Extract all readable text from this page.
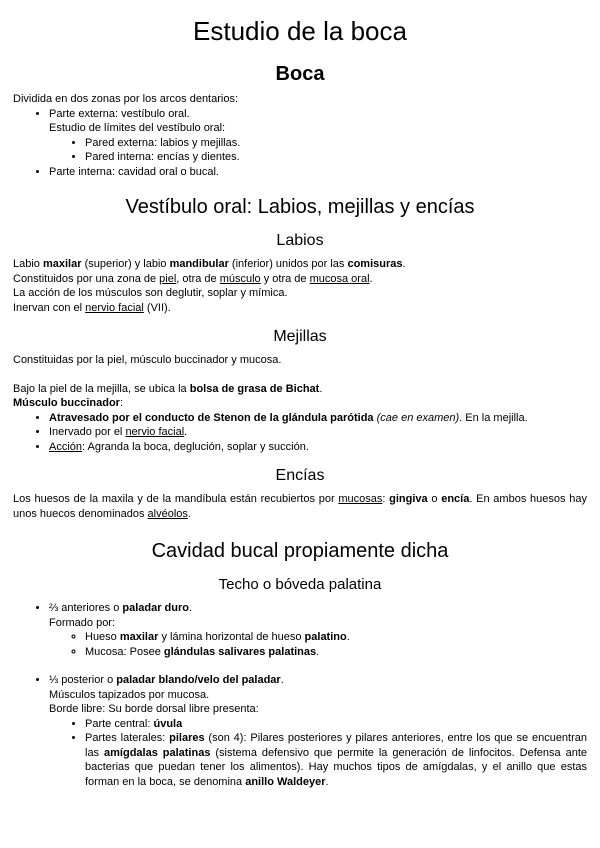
Estudio de la boca
Boca

Dividida en dos zonas por los arcos dentarios:

• Parte externa: vestíbulo oral.
Estudio de límites del vestíbulo oral:
• Pared externa: labios y mejillas.
• Pared interna: encías y dientes.
• Parte interna: cavidad oral o bucal.
Vestíbulo oral: Labios, mejillas y encías
Labios

Labio maxilar (superior) y labio mandibular (inferior) unidos por las comisuras.

Constituidos por una zona de piel, otra de músculo y otra de mucosa oral.

La acción de los músculos son deglutir, soplar y mímica.

Inervan con el nervio facial (VII).

Mejillas

Constituidas por la piel, músculo buccinador y mucosa.

Bajo la piel de la mejilla, se ubica la bolsa de grasa de Bichat.

Músculo buccinador:

• Atravesado por el conducto de Stenon de la glándula parótida (cae en examen). En la mejilla.
• Inervado por el nervio facial.
• Acción: Agranda la boca, deglución, soplar y succión.
Encías

Los huesos de la maxila y de la mandíbula están recubiertos por mucosas: gingiva o encía. En ambos huesos hay unos huecos denominados alvéolos.

Cavidad bucal propiamente dicha
Techo o bóveda palatina
• ⅔ anteriores o paladar duro.
Formado por:
◦ Hueso maxilar y lámina horizontal de hueso palatino.
◦ Mucosa: Posee glándulas salivares palatinas.
• ⅓ posterior o paladar blando/velo del paladar.
Músculos tapizados por mucosa.
Borde libre: Su borde dorsal libre presenta:
• Parte central: úvula
• Partes laterales: pilares (son 4): Pilares posteriores y pilares anteriores, entre los que se encuentran las amígdalas palatinas (sistema defensivo que permite la generación de linfocitos. Defensa ante bacterias que puedan tener los alimentos). Hay muchos tipos de amígdalas, y el anillo que estas forman en la boca, se denomina anillo Waldeyer.
